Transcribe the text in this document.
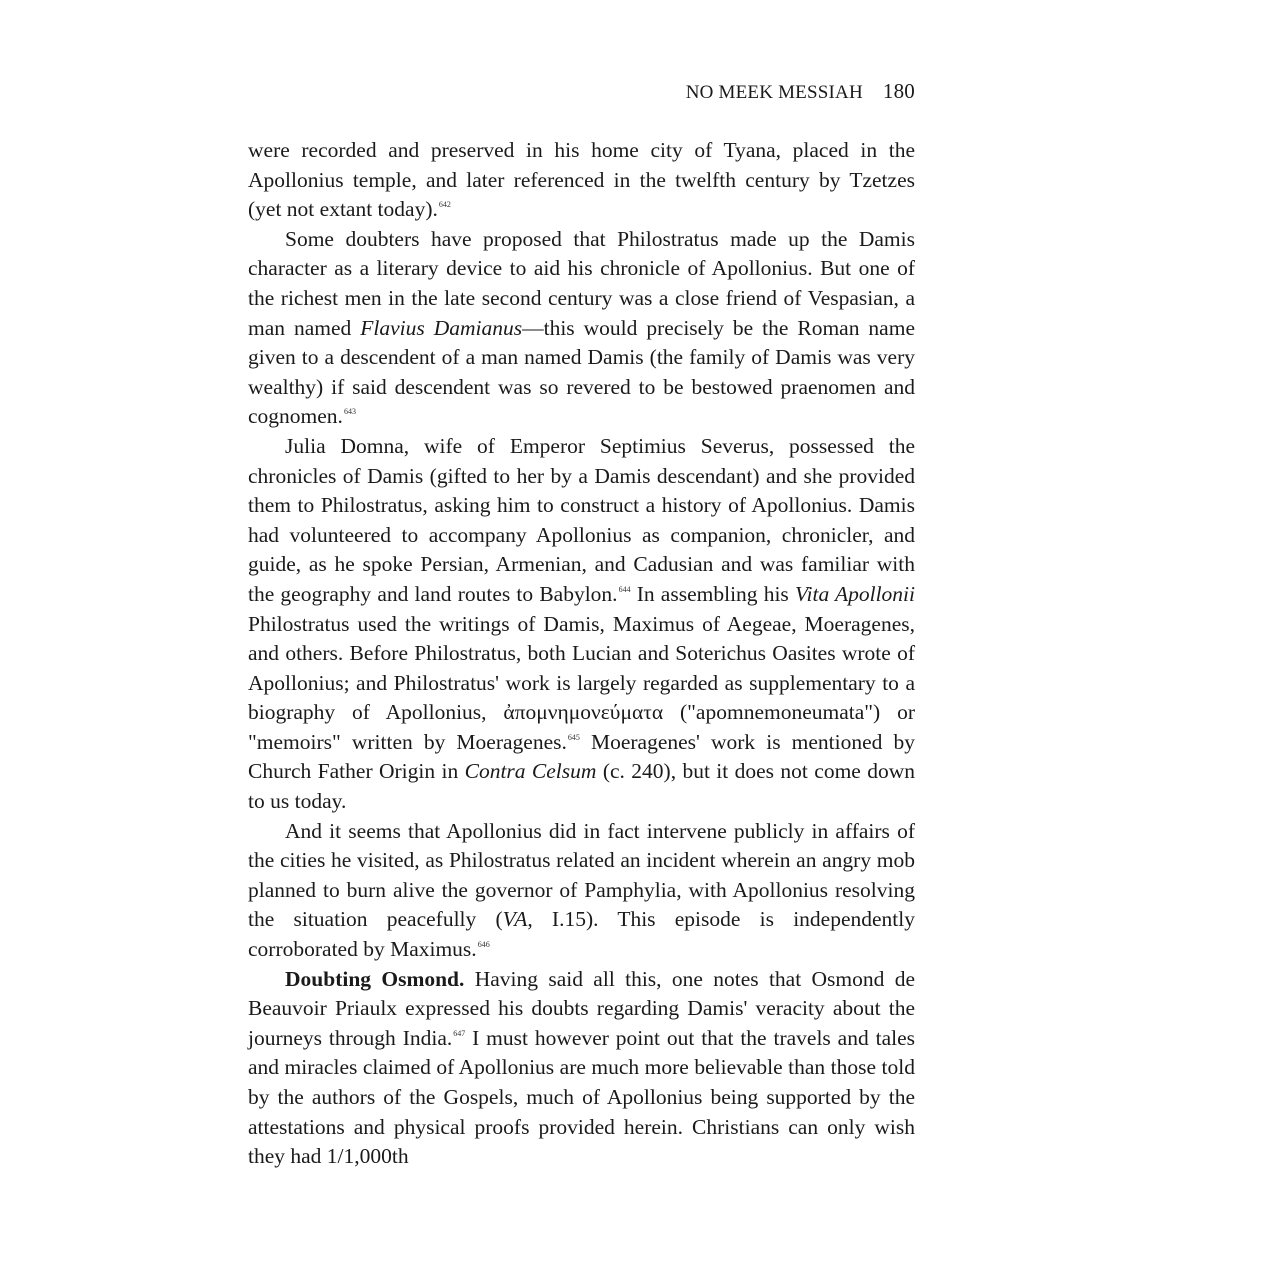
NO MEEK MESSIAH 180

were recorded and preserved in his home city of Tyana, placed in the Apollonius temple, and later referenced in the twelfth century by Tzetzes (yet not extant today).$^{642}$

Some doubters have proposed that Philostratus made up the Damis character as a literary device to aid his chronicle of Apollonius. But one of the richest men in the late second century was a close friend of Vespasian, a man named Flavius Damianus—this would precisely be the Roman name given to a descendent of a man named Damis (the family of Damis was very wealthy) if said descendent was so revered to be bestowed praenomen and cognomen.$^{643}$

Julia Domna, wife of Emperor Septimius Severus, possessed the chronicles of Damis (gifted to her by a Damis descendant) and she provided them to Philostratus, asking him to construct a history of Apollonius. Damis had volunteered to accompany Apollonius as companion, chronicler, and guide, as he spoke Persian, Armenian, and Cadusian and was familiar with the geography and land routes to Babylon.$^{644}$ In assembling his Vita Apollonii Philostratus used the writings of Damis, Maximus of Aegeae, Moeragenes, and others. Before Philostratus, both Lucian and Soterichus Oasites wrote of Apollonius; and Philostratus' work is largely regarded as supplementary to a biography of Apollonius, ἀπομνημονεύματα ("apomnemoneumata") or "memoirs" written by Moeragenes.$^{645}$ Moeragenes' work is mentioned by Church Father Origin in Contra Celsum (c. 240), but it does not come down to us today.

And it seems that Apollonius did in fact intervene publicly in affairs of the cities he visited, as Philostratus related an incident wherein an angry mob planned to burn alive the governor of Pamphylia, with Apollonius resolving the situation peacefully (VA, I.15). This episode is independently corroborated by Maximus.$^{646}$

Doubting Osmond. Having said all this, one notes that Osmond de Beauvoir Priaulx expressed his doubts regarding Damis' veracity about the journeys through India.$^{647}$ I must however point out that the travels and tales and miracles claimed of Apollonius are much more believable than those told by the authors of the Gospels, much of Apollonius being supported by the attestations and physical proofs provided herein. Christians can only wish they had 1/1,000th
